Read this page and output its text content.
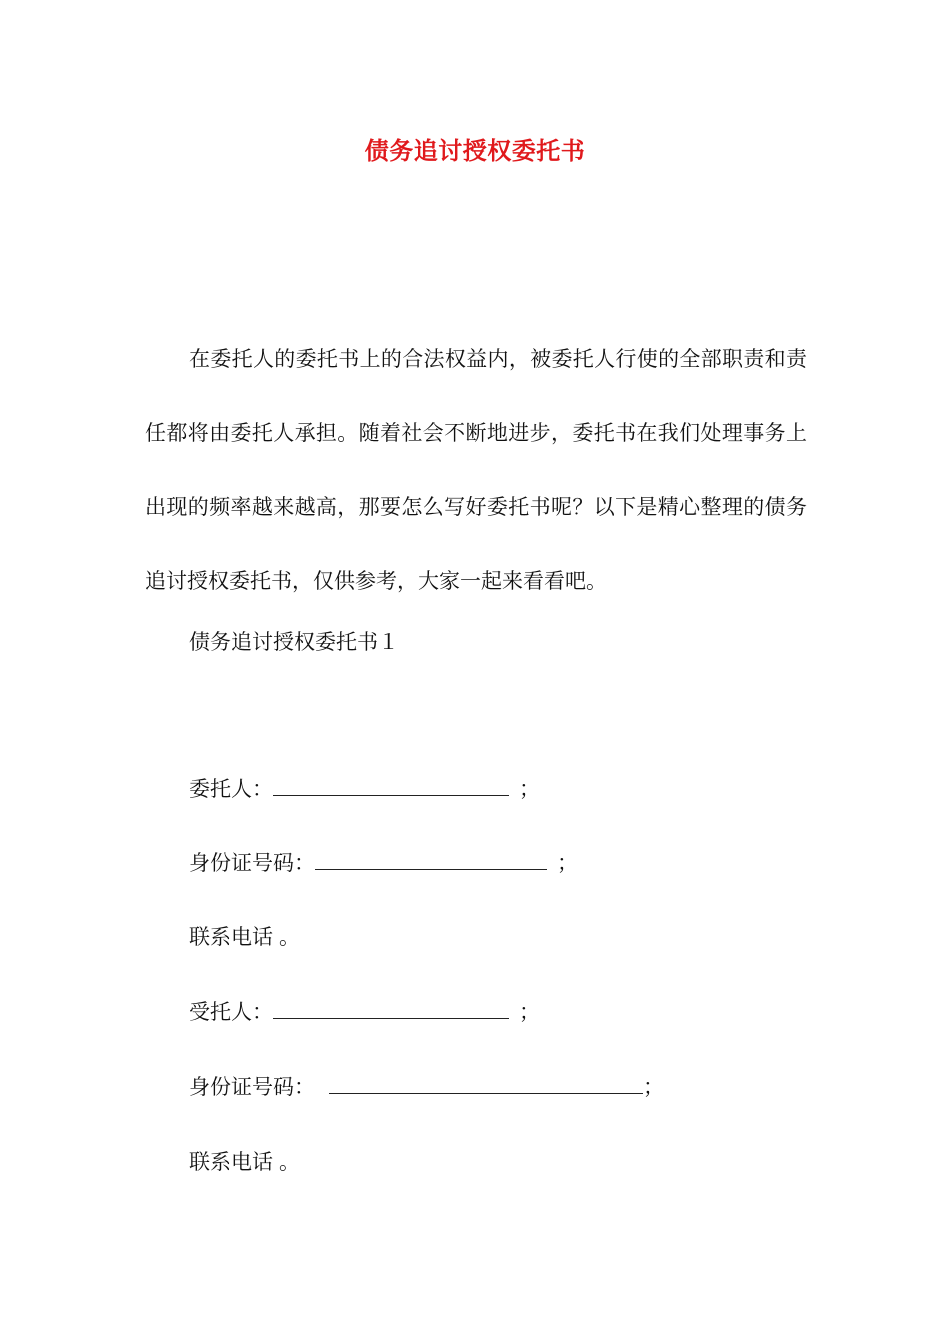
债务追讨授权委托书

在委托人的委托书上的合法权益内，被委托人行使的全部职责和责任都将由委托人承担。随着社会不断地进步，委托书在我们处理事务上出现的频率越来越高，那要怎么写好委托书呢？以下是精心整理的债务追讨授权委托书，仅供参考，大家一起来看看吧。

债务追讨授权委托书１

委托人：	；

身份证号码：	；

联系电话 。

受托人：	；

身份证号码：	；

联系电话 。
